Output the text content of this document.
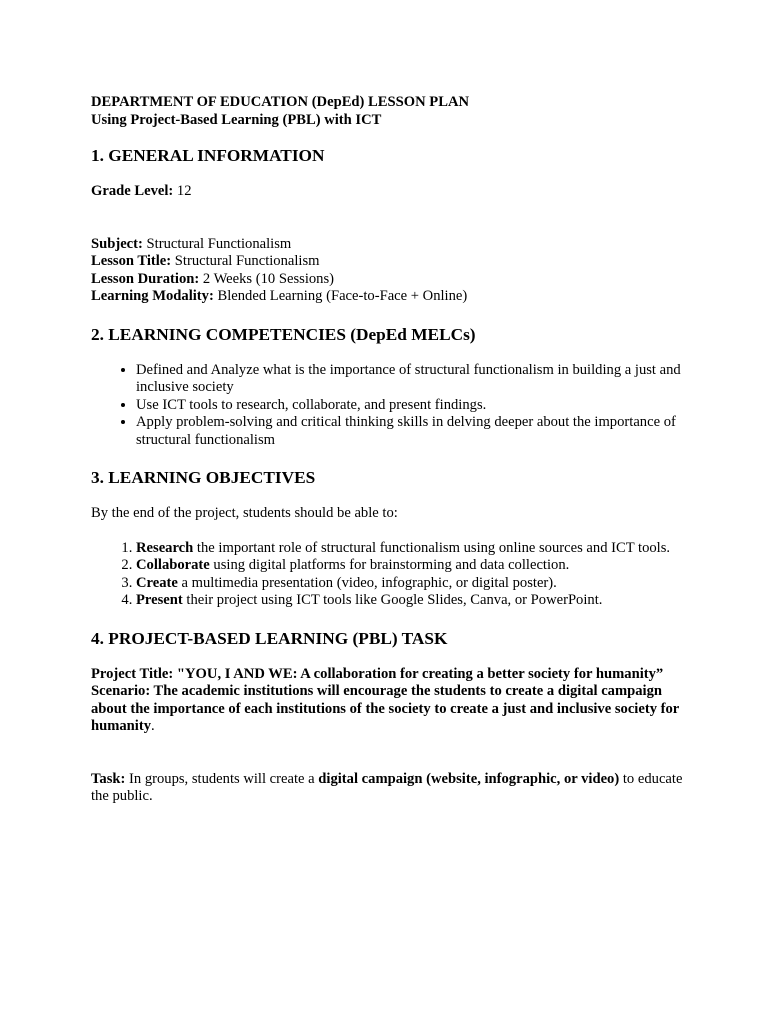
DEPARTMENT OF EDUCATION (DepEd) LESSON PLAN

Using Project-Based Learning (PBL) with ICT

1. GENERAL INFORMATION

Grade Level: 12

Subject: Structural Functionalism

Lesson Title: Structural Functionalism

Lesson Duration: 2 Weeks (10 Sessions)

Learning Modality: Blended Learning (Face-to-Face + Online)

2. LEARNING COMPETENCIES (DepEd MELCs)
• Defined and Analyze what is the importance of structural functionalism in building a just and inclusive society
• Use ICT tools to research, collaborate, and present findings.
• Apply problem-solving and critical thinking skills in delving deeper about the importance of structural functionalism
3. LEARNING OBJECTIVES

By the end of the project, students should be able to:

1. Research the important role of structural functionalism using online sources and ICT tools.
2. Collaborate using digital platforms for brainstorming and data collection.
3. Create a multimedia presentation (video, infographic, or digital poster).
4. Present their project using ICT tools like Google Slides, Canva, or PowerPoint.
4. PROJECT-BASED LEARNING (PBL) TASK

Project Title: "YOU, I AND WE: A collaboration for creating a better society for humanity”

Scenario: The academic institutions will encourage the students to create a digital campaign about the importance of each institutions of the society to create a just and inclusive society for humanity.

Task: In groups, students will create a digital campaign (website, infographic, or video) to educate the public.
